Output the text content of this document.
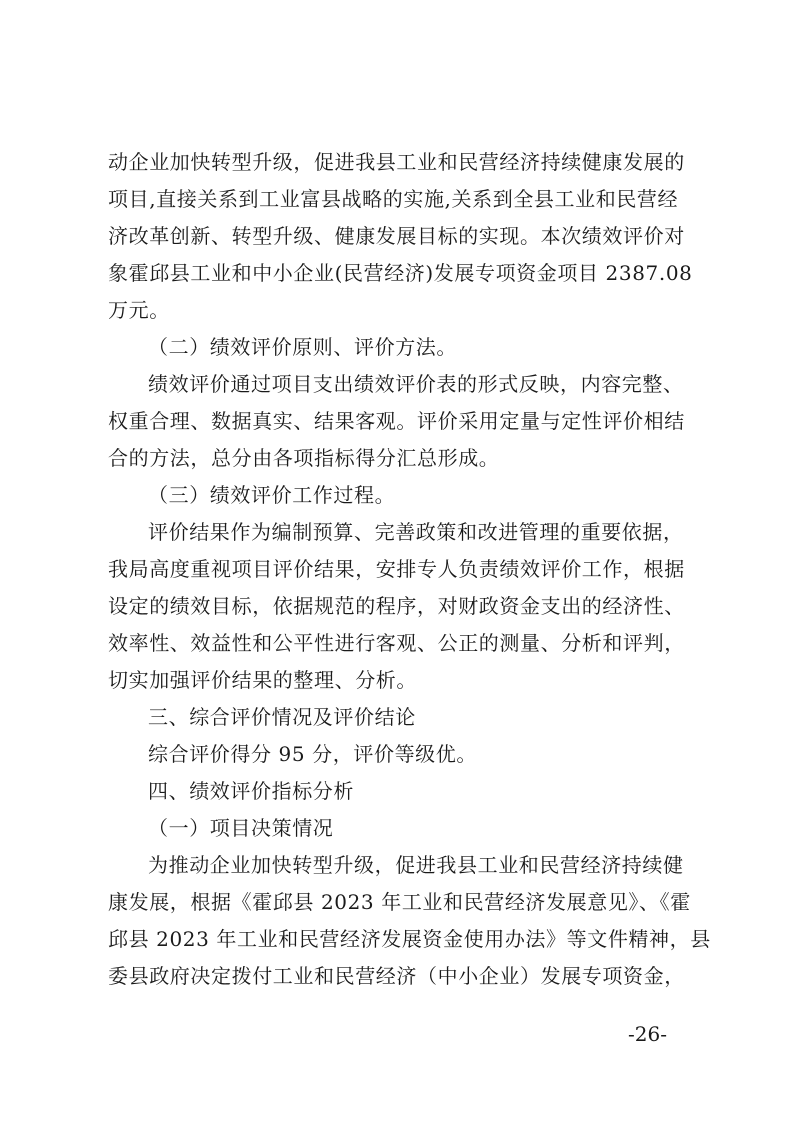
动企业加快转型升级，促进我县工业和民营经济持续健康发展的
项目,直接关系到工业富县战略的实施,关系到全县工业和民营经
济改革创新、转型升级、健康发展目标的实现。本次绩效评价对
象霍邱县工业和中小企业(民营经济)发展专项资金项目 2387.08
万元。
（二）绩效评价原则、评价方法。
绩效评价通过项目支出绩效评价表的形式反映，内容完整、
权重合理、数据真实、结果客观。评价采用定量与定性评价相结
合的方法，总分由各项指标得分汇总形成。
（三）绩效评价工作过程。
评价结果作为编制预算、完善政策和改进管理的重要依据，
我局高度重视项目评价结果，安排专人负责绩效评价工作，根据
设定的绩效目标，依据规范的程序，对财政资金支出的经济性、
效率性、效益性和公平性进行客观、公正的测量、分析和评判，
切实加强评价结果的整理、分析。
三、综合评价情况及评价结论
综合评价得分 95 分，评价等级优。
四、绩效评价指标分析
（一）项目决策情况
为推动企业加快转型升级，促进我县工业和民营经济持续健
康发展，根据《霍邱县 2023 年工业和民营经济发展意见》、《霍
邱县 2023 年工业和民营经济发展资金使用办法》等文件精神，县
委县政府决定拨付工业和民营经济（中小企业）发展专项资金，
-26-
